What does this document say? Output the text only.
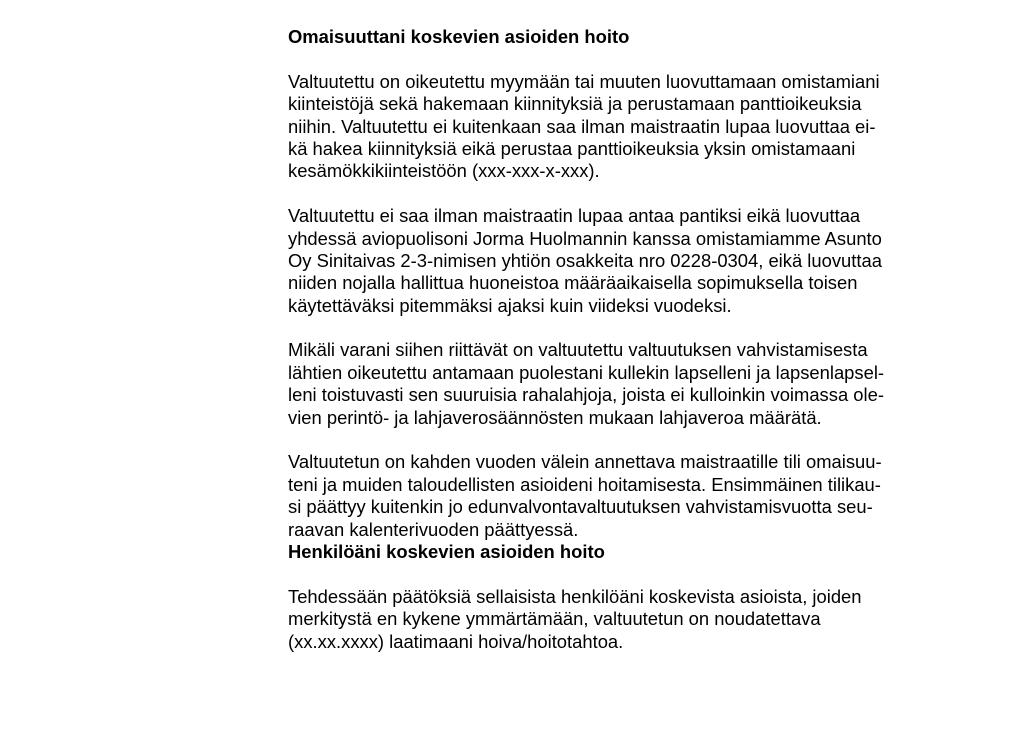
Omaisuuttani koskevien asioiden hoito
Valtuutettu on oikeutettu myymään tai muuten luovuttamaan omistamiani
kiinteistöjä sekä hakemaan kiinnityksiä ja perustamaan panttioikeuksia
niihin. Valtuutettu ei kuitenkaan saa ilman maistraatin lupaa luovuttaa ei-
kä hakea kiinnityksiä eikä perustaa panttioikeuksia yksin omistamaani
kesämökkikiinteistöön (xxx-xxx-x-xxx).
Valtuutettu ei saa ilman maistraatin lupaa antaa pantiksi eikä luovuttaa
yhdessä aviopuolisoni Jorma Huolmannin kanssa omistamiamme Asunto
Oy Sinitaivas 2-3-nimisen yhtiön osakkeita nro 0228-0304, eikä luovuttaa
niiden nojalla hallittua huoneistoa määräaikaisella sopimuksella toisen
käytettäväksi pitemmäksi ajaksi kuin viideksi vuodeksi.
Mikäli varani siihen riittävät on valtuutettu valtuutuksen vahvistamisesta
lähtien oikeutettu antamaan puolestani kullekin lapselleni ja lapsenlapsel-
leni toistuvasti sen suuruisia rahalahjoja, joista ei kulloinkin voimassa ole-
vien perintö- ja lahjaverosäännösten mukaan lahjaveroa määrätä.
Valtuutetun on kahden vuoden välein annettava maistraatille tili omaisuu-
teni ja muiden taloudellisten asioideni hoitamisesta. Ensimmäinen tilikau-
si päättyy kuitenkin jo edunvalvontavaltuutuksen vahvistamisvuotta seu-
raavan kalenterivuoden päättyessä.
Henkilöäni koskevien asioiden hoito
Tehdessään päätöksiä sellaisista henkilöäni koskevista asioista, joiden
merkitystä en kykene ymmärtämään, valtuutetun on noudatettava
(xx.xx.xxxx) laatimaani hoiva/hoitotahtoa.
